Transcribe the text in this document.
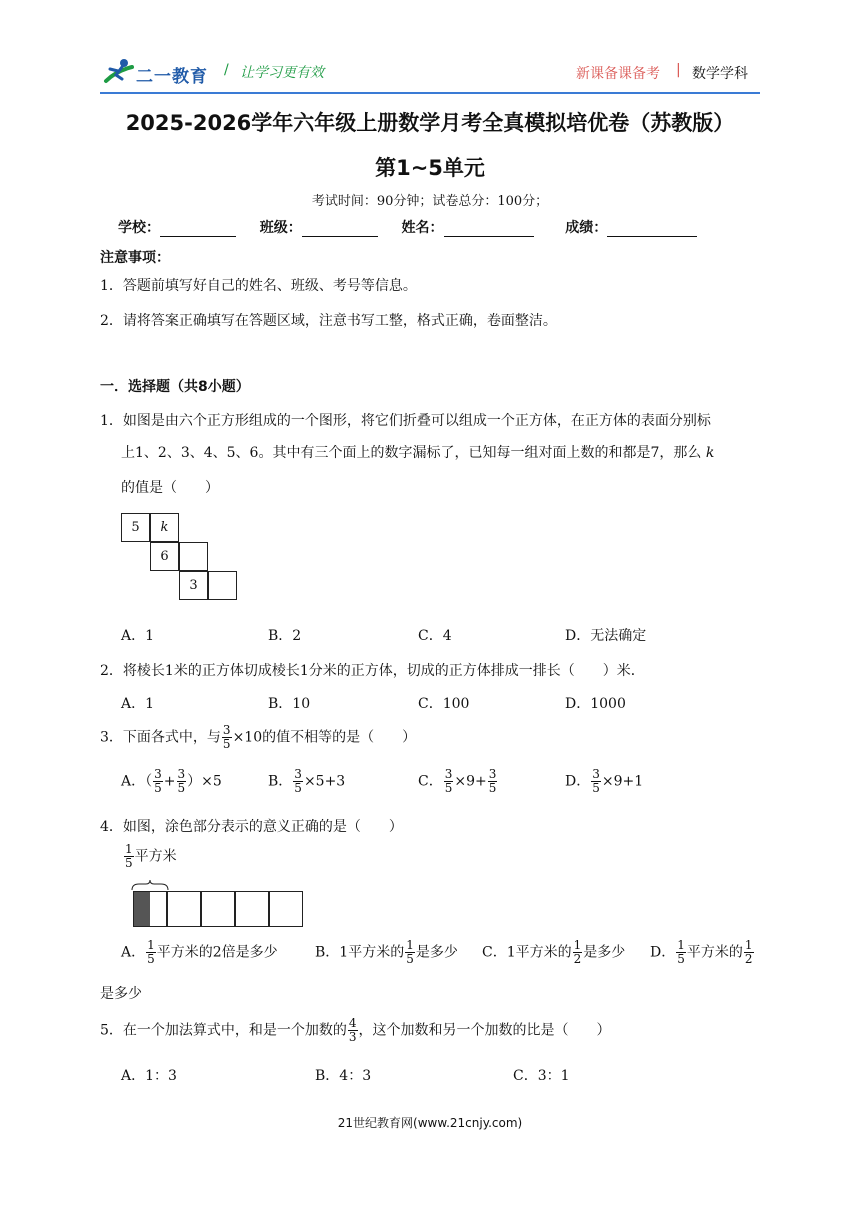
二一教育 / 让学习更有效	新课备课备考 | 数学学科
2025-2026学年六年级上册数学月考全真模拟培优卷（苏教版）
第1~5单元
考试时间：90分钟；试卷总分：100分；
学校：	班级：	姓名：	成绩：
注意事项：
1．答题前填写好自己的姓名、班级、考号等信息。
2．请将答案正确填写在答题区域，注意书写工整，格式正确，卷面整洁。
一．选择题（共8小题）
1．如图是由六个正方形组成的一个图形，将它们折叠可以组成一个正方体，在正方体的表面分别标
上1、2、3、4、5、6。其中有三个面上的数字漏标了，已知每一组对面上数的和都是7，那么 k
的值是（　　）
5	k
6
3
A．1	B．2	C．4	D．无法确定
2．将棱长1米的正方体切成棱长1分米的正方体，切成的正方体排成一排长（　　）米．
A．1	B．10	C．100	D．1000
3．下面各式中，与 $\frac{3}{5} \times 10$的值不相等的是（　　）
A．（ $\frac{3}{5} + \frac{3}{5} )\times 5$	B． $\frac{3}{5} \times 5+3$	C． $\frac{3}{5} \times 9+ \frac{3}{5}$	D． $\frac{3}{5} \times 9+1$
4．如图，涂色部分表示的意义正确的是（　　）
$\frac{1}{5}$ 平方米
A． $\frac{1}{5}$ 平方米的2倍是多少	B．1平方米的 $\frac{1}{5}$ 是多少 C．1平方米的 $\frac{1}{2}$ 是多少 D． $\frac{1}{5}$ 平方米的 $\frac{1}{2}$
是多少
5．在一个加法算式中，和是一个加数的 $\frac{4}{3}$ ，这个加数和另一个加数的比是（　　）
A．1：3	B．4：3	C．3：1
21世纪教育网(www.21cnjy.com)
